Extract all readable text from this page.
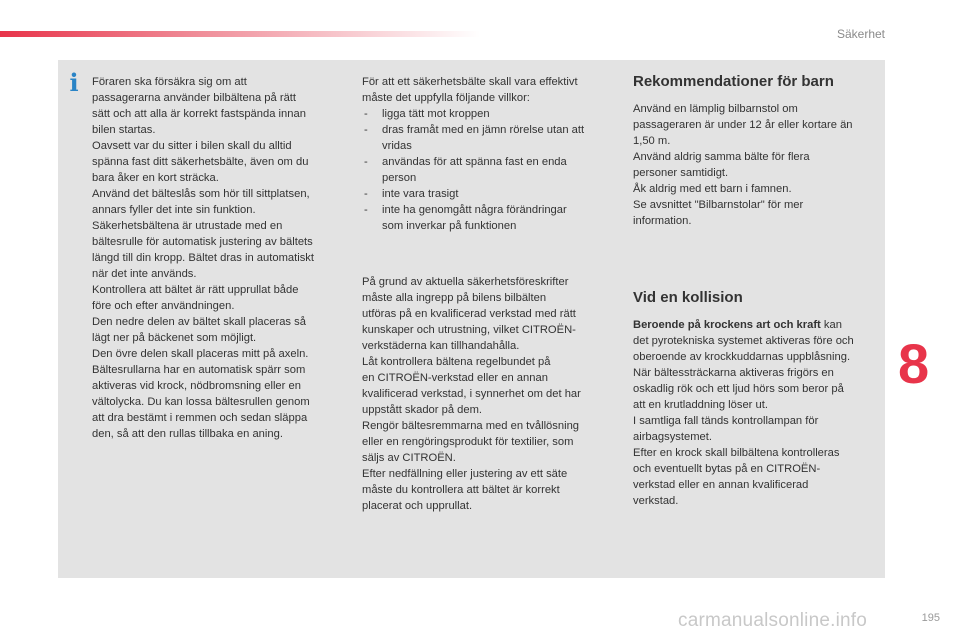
Säkerhet
i	Föraren ska försäkra sig om att
passagerarna använder bilbältena på rätt
sätt och att alla är korrekt fastspända innan
bilen startas.
Oavsett var du sitter i bilen skall du alltid
spänna fast ditt säkerhetsbälte, även om du
bara åker en kort sträcka.
Använd det bälteslås som hör till sittplatsen,
annars fyller det inte sin funktion.
Säkerhetsbältena är utrustade med en
bältesrulle för automatisk justering av bältets
längd till din kropp. Bältet dras in automatiskt
när det inte används.
Kontrollera att bältet är rätt upprullat både
före och efter användningen.
Den nedre delen av bältet skall placeras så
lägt ner på bäckenet som möjligt.
Den övre delen skall placeras mitt på axeln.
Bältesrullarna har en automatisk spärr som
aktiveras vid krock, nödbromsning eller en
vältolycka. Du kan lossa bältesrullen genom
att dra bestämt i remmen och sedan släppa
den, så att den rullas tillbaka en aning.
För att ett säkerhetsbälte skall vara effektivt
måste det uppfylla följande villkor:
- ligga tätt mot kroppen
- dras framåt med en jämn rörelse utan att
vridas
- användas för att spänna fast en enda
person
- inte vara trasigt
- inte ha genomgått några förändringar
som inverkar på funktionen
På grund av aktuella säkerhetsföreskrifter
måste alla ingrepp på bilens bilbälten
utföras på en kvalificerad verkstad med rätt
kunskaper och utrustning, vilket CITROËN-
verkstäderna kan tillhandahålla.
Låt kontrollera bältena regelbundet på
en CITROËN-verkstad eller en annan
kvalificerad verkstad, i synnerhet om det har
uppstått skador på dem.
Rengör bältesremmarna med en tvållösning
eller en rengöringsprodukt för textilier, som
säljs av CITROËN.
Efter nedfällning eller justering av ett säte
måste du kontrollera att bältet är korrekt
placerat och upprullat.
Rekommendationer för barn
Använd en lämplig bilbarnstol om
passageraren är under 12 år eller kortare än
1,50 m.
Använd aldrig samma bälte för flera
personer samtidigt.
Åk aldrig med ett barn i famnen.
Se avsnittet "Bilbarnstolar" för mer
information.
Vid en kollision
Beroende på krockens art och kraft kan
det pyrotekniska systemet aktiveras före och
oberoende av krockkuddarnas uppblåsning.
När bältessträckarna aktiveras frigörs en
oskadlig rök och ett ljud hörs som beror på
att en krutladdning löser ut.
I samtliga fall tänds kontrollampan för
airbagsystemet.
Efter en krock skall bilbältena kontrolleras
och eventuellt bytas på en CITROËN-
verkstad eller en annan kvalificerad
verkstad.
8
195
carmanualsonline.info
